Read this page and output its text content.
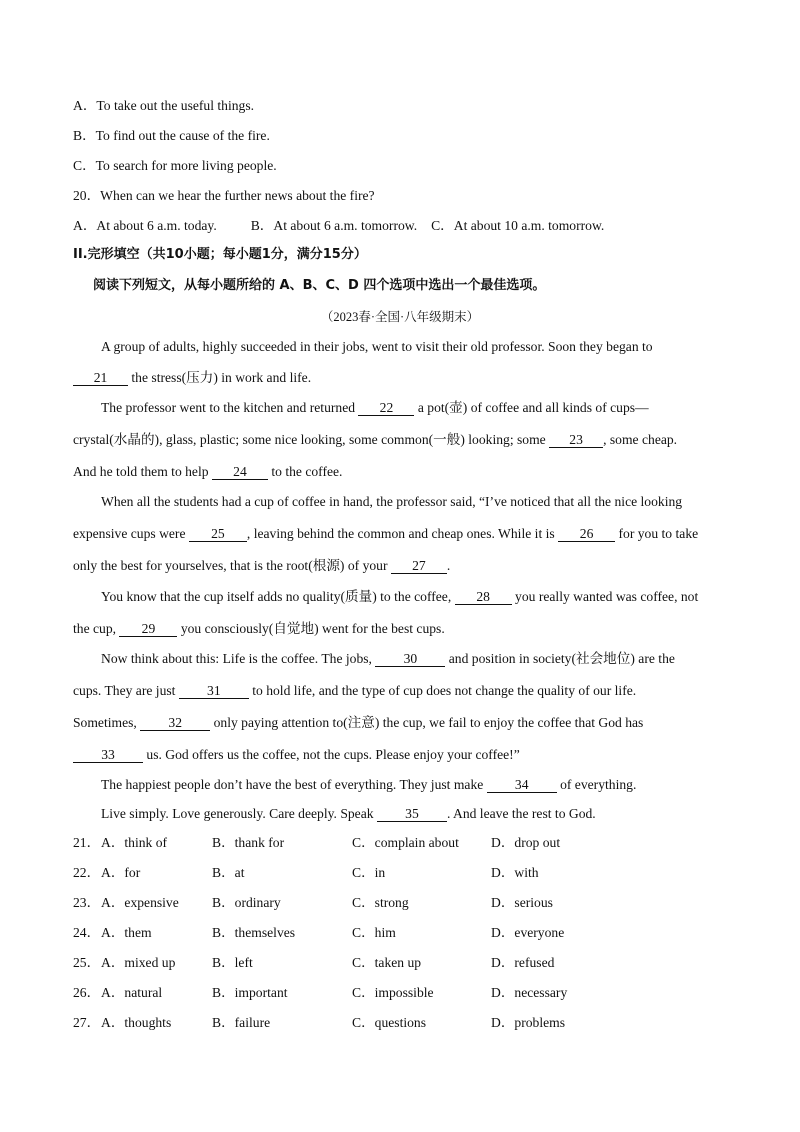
A．To take out the useful things.
B．To find out the cause of the fire.
C．To search for more living people.
20．When can we hear the further news about the fire?
A．At about 6 a.m. today.	B．At about 6 a.m. tomorrow. C．At about 10 a.m. tomorrow.
II.完形填空（共10小题；每小题1分，满分15分）
阅读下列短文，从每小题所给的 A、B、C、D 四个选项中选出一个最佳选项。
（2023春·全国·八年级期末）
A group of adults, highly succeeded in their jobs, went to visit their old professor. Soon they began to
21 the stress(压力) in work and life.
The professor went to the kitchen and returned 22 a pot(壶) of coffee and all kinds of cups—
crystal(水晶的), glass, plastic; some nice looking, some common(一般) looking; some 23 , some cheap.
And he told them to help 24 to the coffee.
When all the students had a cup of coffee in hand, the professor said, “I’ve noticed that all the nice looking
expensive cups were 25 , leaving behind the common and cheap ones. While it is 26 for you to take
only the best for yourselves, that is the root(根源) of your 27 .
You know that the cup itself adds no quality(质量) to the coffee, 28 you really wanted was coffee, not
the cup, 29 you consciously(自觉地) went for the best cups.
Now think about this: Life is the coffee. The jobs, 30 and position in society(社会地位) are the
cups. They are just 31 to hold life, and the type of cup does not change the quality of our life.
Sometimes, 32 only paying attention to(注意) the cup, we fail to enjoy the coffee that God has
33 us. God offers us the coffee, not the cups. Please enjoy your coffee!”
The happiest people don’t have the best of everything. They just make 34 of everything.
Live simply. Love generously. Care deeply. Speak 35 . And leave the rest to God.
21． A．think of	B．thank for	C．complain about D．drop out
22． A．for	B．at	C．in	D．with
23． A．expensive B．ordinary	C．strong	D．serious
24． A．them	B．themselves	C．him	D．everyone
25． A．mixed up	B．left	C．taken up	D．refused
26． A．natural	B．important	C．impossible	D．necessary
27． A．thoughts	B．failure	C．questions	D．problems
